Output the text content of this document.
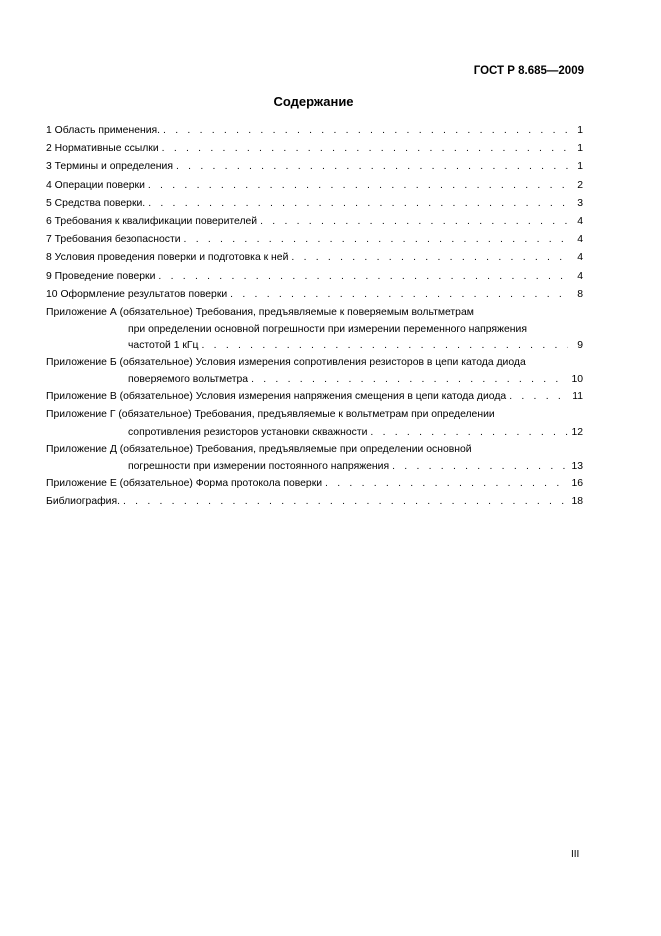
ГОСТ Р 8.685—2009
Содержание
1 Область применения. . . .	1
2 Нормативные ссылки . . .	1
3 Термины и определения . . .	1
4 Операции поверки . . .	2
5 Средства поверки. . . .	3
6 Требования к квалификации поверителей . . .	4
7 Требования безопасности . . .	4
8 Условия проведения поверки и подготовка к ней . . .	4
9 Проведение поверки . . .	4
10 Оформление результатов поверки . . .	8
Приложение А (обязательное) Требования, предъявляемые к поверяемым вольтметрам
при определении основной погрешности при измерении переменного напряжения
частотой 1 кГц . . .	9
Приложение Б (обязательное) Условия измерения сопротивления резисторов в цепи катода диода
поверяемого вольтметра . . .	10
Приложение В (обязательное) Условия измерения напряжения смещения в цепи катода диода . . .	11
Приложение Г (обязательное) Требования, предъявляемые к вольтметрам при определении
сопротивления резисторов установки скважности . . .	12
Приложение Д (обязательное) Требования, предъявляемые при определении основной
погрешности при измерении постоянного напряжения . . .	13
Приложение Е (обязательное) Форма протокола поверки . . .	16
Библиография. . . .	18
III
